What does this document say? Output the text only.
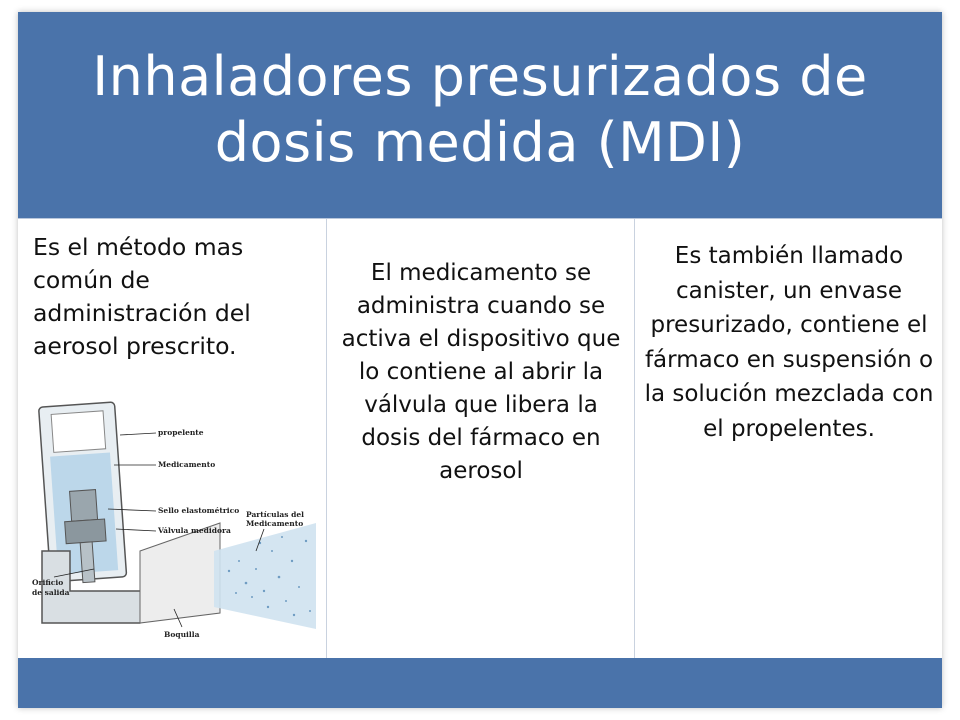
Inhaladores presurizados de dosis medida (MDI)
Es el método mas común de administración del aerosol prescrito.
propelente
Medicamento
Sello elastométrico
Válvula medidora
Partículas del
Medicamento
Orificio
de salida
Boquilla
El medicamento se administra cuando se activa el dispositivo que lo contiene al abrir la válvula que libera la dosis del fármaco en aerosol
Es también llamado canister, un envase presurizado, contiene el fármaco en suspensión o la solución mezclada con el propelentes.
